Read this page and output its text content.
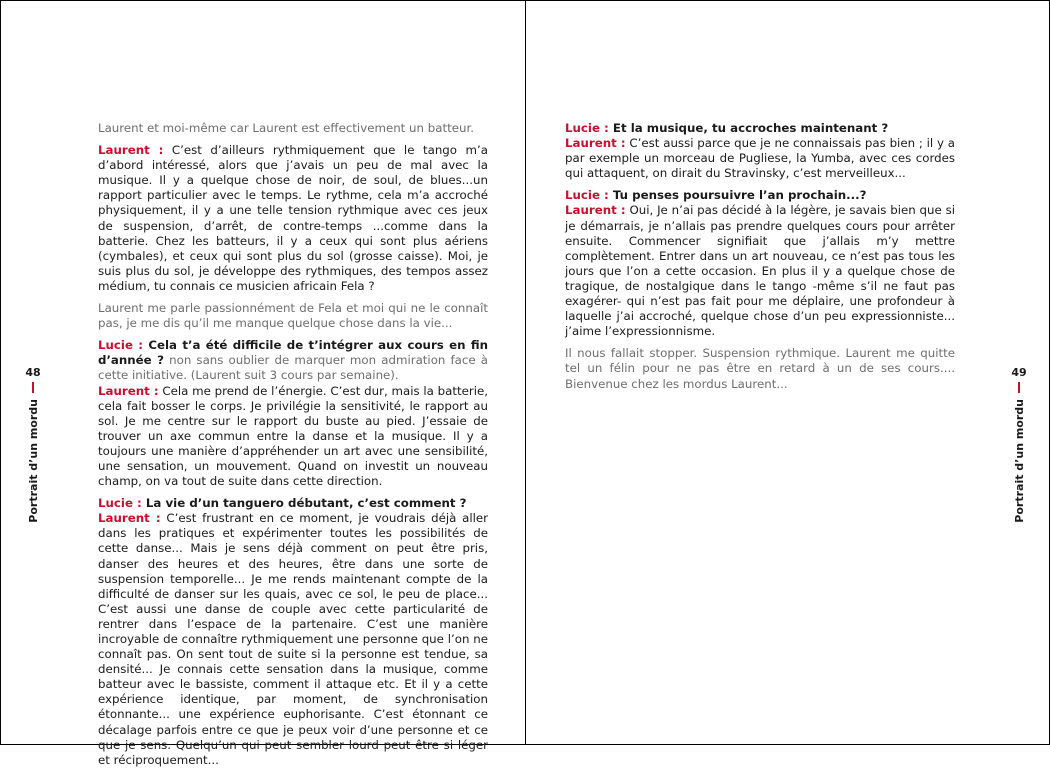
48
Portrait d’un mordu

Laurent et moi-même car Laurent est effectivement un batteur.

Laurent : C’est d’ailleurs rythmiquement que le tango m’a d’abord intéressé, alors que j’avais un peu de mal avec la musique. Il y a quelque chose de noir, de soul, de blues...un rapport particulier avec le temps. Le rythme, cela m’a accroché physiquement, il y a une telle tension rythmique avec ces jeux de suspension, d’arrêt, de contre-temps ...comme dans la batterie. Chez les batteurs, il y a ceux qui sont plus aériens (cymbales), et ceux qui sont plus du sol (grosse caisse). Moi, je suis plus du sol, je développe des rythmiques, des tempos assez médium, tu connais ce musicien africain Fela ?

Laurent me parle passionnément de Fela et moi qui ne le connaît pas, je me dis qu’il me manque quelque chose dans la vie...

Lucie : Cela t’a été difficile de t’intégrer aux cours en fin d’année ? non sans oublier de marquer mon admiration face à cette initiative. (Laurent suit 3 cours par semaine).
Laurent : Cela me prend de l’énergie. C’est dur, mais la batterie, cela fait bosser le corps. Je privilégie la sensitivité, le rapport au sol. Je me centre sur le rapport du buste au pied. J’essaie de trouver un axe commun entre la danse et la musique. Il y a toujours une manière d’appréhender un art avec une sensibilité, une sensation, un mouvement. Quand on investit un nouveau champ, on va tout de suite dans cette direction.

Lucie : La vie d’un tanguero débutant, c’est comment ?
Laurent : C’est frustrant en ce moment, je voudrais déjà aller dans les pratiques et expérimenter toutes les possibilités de cette danse... Mais je sens déjà comment on peut être pris, danser des heures et des heures, être dans une sorte de suspension temporelle... Je me rends maintenant compte de la difficulté de danser sur les quais, avec ce sol, le peu de place... C’est aussi une danse de couple avec cette particularité de rentrer dans l’espace de la partenaire. C’est une manière incroyable de connaître rythmiquement une personne que l’on ne connaît pas. On sent tout de suite si la personne est tendue, sa densité... Je connais cette sensation dans la musique, comme batteur avec le bassiste, comment il attaque etc. Et il y a cette expérience identique, par moment, de synchronisation étonnante... une expérience euphorisante. C’est étonnant ce décalage parfois entre ce que je peux voir d’une personne et ce que je sens. Quelqu’un qui peut sembler lourd peut être si léger et réciproquement...

Lucie : Et la musique, tu accroches maintenant ?
Laurent : C’est aussi parce que je ne connaissais pas bien ; il y a par exemple un morceau de Pugliese, la Yumba, avec ces cordes qui attaquent, on dirait du Stravinsky, c’est merveilleux...

Lucie : Tu penses poursuivre l’an prochain...?
Laurent : Oui, Je n’ai pas décidé à la légère, je savais bien que si je démarrais, je n’allais pas prendre quelques cours pour arrêter ensuite. Commencer signifiait que j’allais m’y mettre complètement. Entrer dans un art nouveau, ce n’est pas tous les jours que l’on a cette occasion. En plus il y a quelque chose de tragique, de nostalgique dans le tango -même s’il ne faut pas exagérer- qui n’est pas fait pour me déplaire, une profondeur à laquelle j’ai accroché, quelque chose d’un peu expressionniste... j’aime l’expressionnisme.

Il nous fallait stopper. Suspension rythmique. Laurent me quitte tel un félin pour ne pas être en retard à un de ses cours.... Bienvenue chez les mordus Laurent...

49
Portrait d’un mordu
